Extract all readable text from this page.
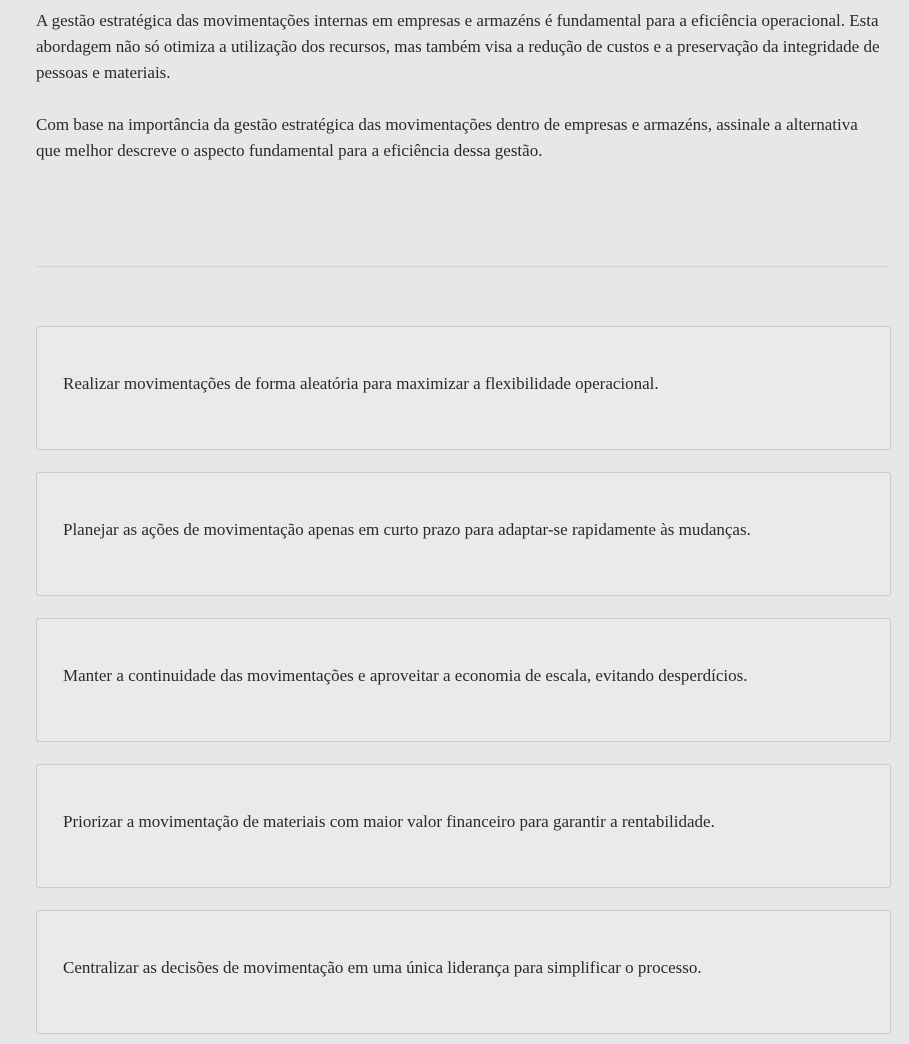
A gestão estratégica das movimentações internas em empresas e armazéns é fundamental para a eficiência operacional. Esta abordagem não só otimiza a utilização dos recursos, mas também visa a redução de custos e a preservação da integridade de pessoas e materiais.

Com base na importância da gestão estratégica das movimentações dentro de empresas e armazéns, assinale a alternativa que melhor descreve o aspecto fundamental para a eficiência dessa gestão.

Realizar movimentações de forma aleatória para maximizar a flexibilidade operacional.
Planejar as ações de movimentação apenas em curto prazo para adaptar-se rapidamente às mudanças.
Manter a continuidade das movimentações e aproveitar a economia de escala, evitando desperdícios.
Priorizar a movimentação de materiais com maior valor financeiro para garantir a rentabilidade.
Centralizar as decisões de movimentação em uma única liderança para simplificar o processo.
